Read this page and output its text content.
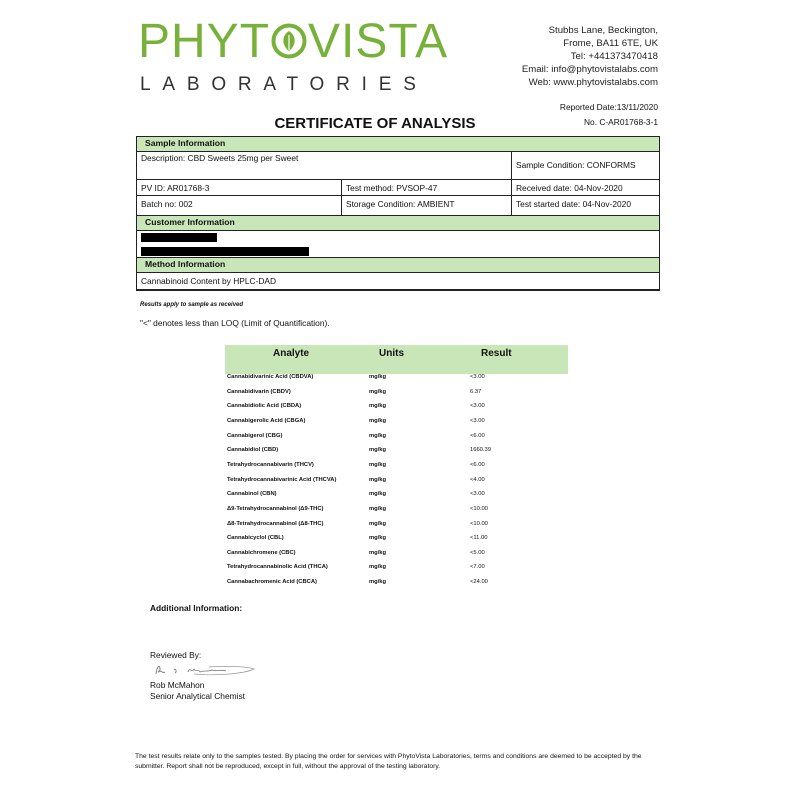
PHYT VISTA
LABORATORIES
Stubbs Lane, Beckington,
Frome, BA11 6TE, UK
Tel: +441373470418
Email: info@phytovistalabs.com
Web: www.phytovistalabs.com
Reported Date:13/11/2020
CERTIFICATE OF ANALYSIS	No. C-AR01768-3-1
Sample Information
Description: CBD Sweets 25mg per Sweet
Sample Condition: CONFORMS
PV ID: AR01768-3	Test method: PVSOP-47	Received date: 04-Nov-2020
Batch no: 002	Storage Condition: AMBIENT	Test started date: 04-Nov-2020
Customer Information
Method Information
Cannabinoid Content by HPLC-DAD
Results apply to sample as received
"<" denotes less than LOQ (Limit of Quantification).
Analyte	Units	Result
Cannabidivarinic Acid (CBDVA)	mg/kg	<3.00
Cannabidivarin (CBDV)	mg/kg	6.37
Cannabidiolic Acid (CBDA)	mg/kg	<3.00
Cannabigerolic Acid (CBGA)	mg/kg	<3.00
Cannabigerol (CBG)	mg/kg	<6.00
Cannabidiol (CBD)	mg/kg	1660.39
Tetrahydrocannabivarin (THCV)	mg/kg	<6.00
Tetrahydrocannabivarinic Acid (THCVA)	mg/kg	<4.00
Cannabinol (CBN)	mg/kg	<3.00
Δ9-Tetrahydrocannabinol (Δ9-THC)	mg/kg	<10.00
Δ8-Tetrahydrocannabinol (Δ8-THC)	mg/kg	<10.00
Cannabicyclol (CBL)	mg/kg	<11.00
Cannabichromene (CBC)	mg/kg	<5.00
Tetrahydrocannabinolic Acid (THCA)	mg/kg	<7.00
Cannabachromenic Acid (CBCA)	mg/kg	<24.00
Additional Information:
Reviewed By:
Rob McMahon
Senior Analytical Chemist
The test results relate only to the samples tested. By placing the order for services with PhytoVista Laboratories, terms and conditions are deemed to be accepted by the submitter. Report shall not be reproduced, except in full, without the approval of the testing laboratory.
